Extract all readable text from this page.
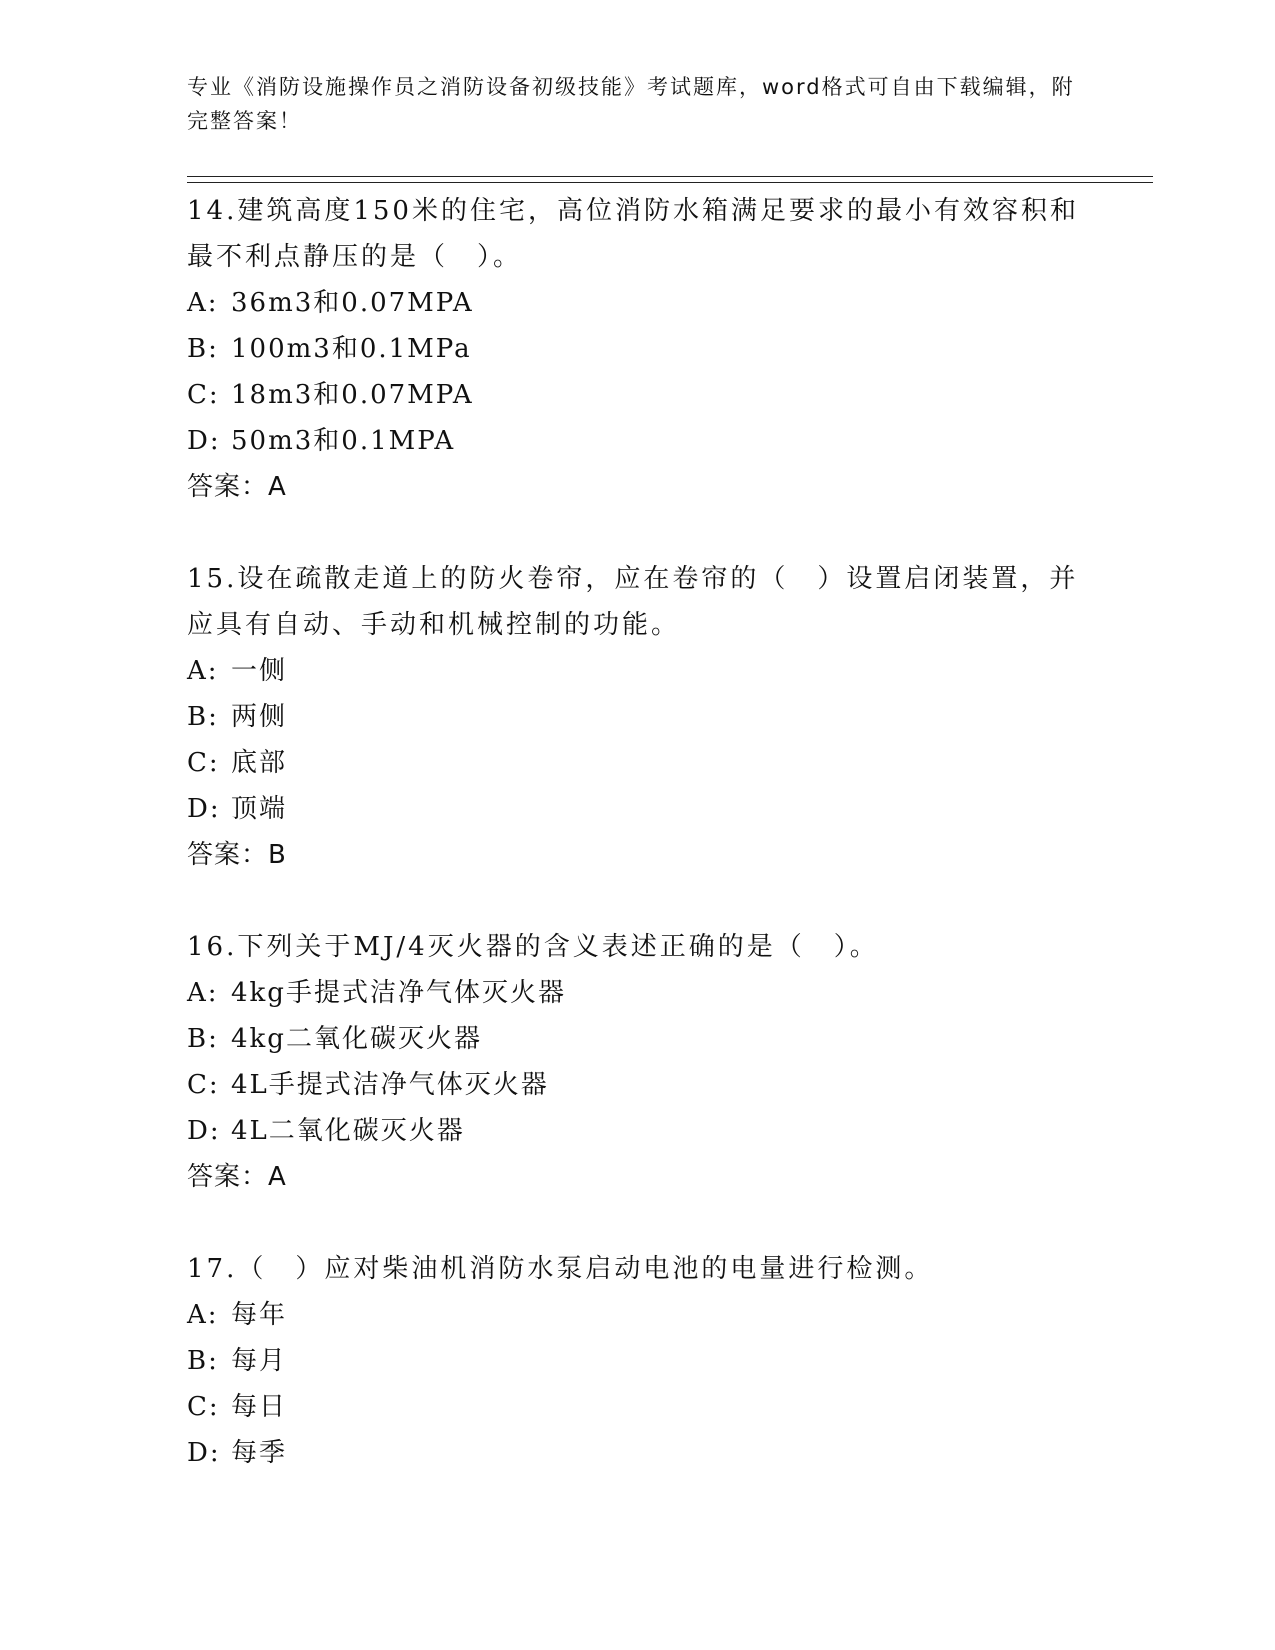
专业《消防设施操作员之消防设备初级技能》考试题库，word格式可自由下载编辑，附完整答案！

14.建筑高度150米的住宅，高位消防水箱满足要求的最小有效容积和最不利点静压的是（　）。

A: 36m3和0.07MPA
B: 100m3和0.1MPa
C: 18m3和0.07MPA
D: 50m3和0.1MPA
答案：A

15.设在疏散走道上的防火卷帘，应在卷帘的（　）设置启闭装置，并应具有自动、手动和机械控制的功能。

A: 一侧
B: 两侧
C: 底部
D: 顶端
答案：B

16.下列关于MJ/4灭火器的含义表述正确的是（　）。

A: 4kg手提式洁净气体灭火器
B: 4kg二氧化碳灭火器
C: 4L手提式洁净气体灭火器
D: 4L二氧化碳灭火器
答案：A

17.（　）应对柴油机消防水泵启动电池的电量进行检测。

A: 每年
B: 每月
C: 每日
D: 每季
